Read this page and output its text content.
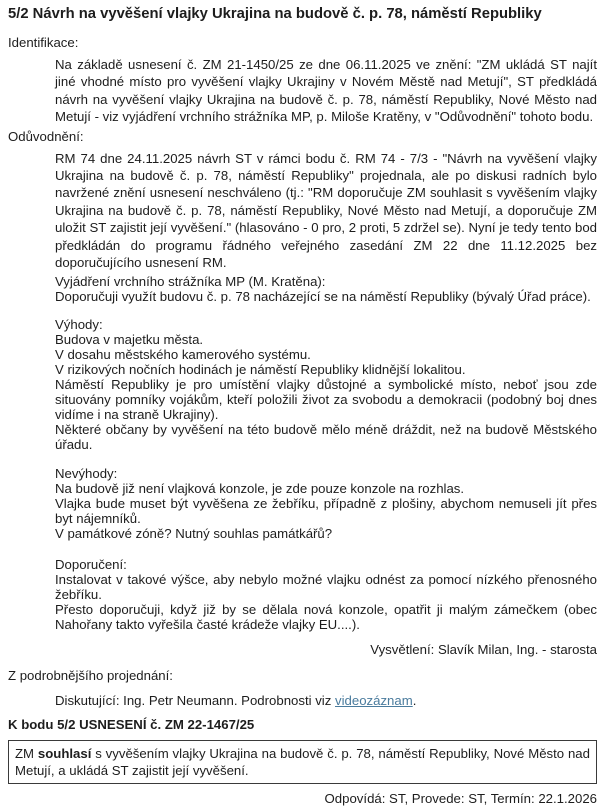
5/2 Návrh na vyvěšení vlajky Ukrajina na budově č. p. 78, náměstí Republiky
Identifikace:

Na základě usnesení č. ZM 21-1450/25 ze dne 06.11.2025 ve znění: "ZM ukládá ST najít jiné vhodné místo pro vyvěšení vlajky Ukrajiny v Novém Městě nad Metují", ST předkládá návrh na vyvěšení vlajky Ukrajina na budově č. p. 78, náměstí Republiky, Nové Město nad Metují - viz vyjádření vrchního strážníka MP, p. Miloše Kratěny, v "Odůvodnění" tohoto bodu.

Odůvodnění:

RM 74 dne 24.11.2025 návrh ST v rámci bodu č. RM 74 - 7/3 - "Návrh na vyvěšení vlajky Ukrajina na budově č. p. 78, náměstí Republiky" projednala, ale po diskusi radních bylo navržené znění usnesení neschváleno (tj.: "RM doporučuje ZM souhlasit s vyvěšením vlajky Ukrajina na budově č. p. 78, náměstí Republiky, Nové Město nad Metují, a doporučuje ZM uložit ST zajistit její vyvěšení." (hlasováno - 0 pro, 2 proti, 5 zdržel se). Nyní je tedy tento bod předkládán do programu řádného veřejného zasedání ZM 22 dne 11.12.2025 bez doporučujícího usnesení RM.

Vyjádření vrchního strážníka MP (M. Kratěna):

Doporučuji využít budovu č. p. 78 nacházející se na náměstí Republiky (bývalý Úřad práce).

Výhody:

Budova v majetku města.

V dosahu městského kamerového systému.

V rizikových nočních hodinách je náměstí Republiky klidnější lokalitou.

Náměstí Republiky je pro umístění vlajky důstojné a symbolické místo, neboť jsou zde situovány pomníky vojákům, kteří položili život za svobodu a demokracii (podobný boj dnes vidíme i na straně Ukrajiny).

Některé občany by vyvěšení na této budově mělo méně dráždit, než na budově Městského úřadu.

Nevýhody:

Na budově již není vlajková konzole, je zde pouze konzole na rozhlas.

Vlajka bude muset být vyvěšena ze žebříku, případně z plošiny, abychom nemuseli jít přes byt nájemníků.

V památkové zóně? Nutný souhlas památkářů?

Doporučení:

Instalovat v takové výšce, aby nebylo možné vlajku odnést za pomocí nízkého přenosného žebříku.

Přesto doporučuji, když již by se dělala nová konzole, opatřit ji malým zámečkem (obec Nahořany takto vyřešila časté krádeže vlajky EU....).

Vysvětlení: Slavík Milan, Ing. - starosta

Z podrobnějšího projednání:
Diskutující: Ing. Petr Neumann. Podrobnosti viz videozáznam.
K bodu 5/2 USNESENÍ č. ZM 22-1467/25
ZM souhlasí s vyvěšením vlajky Ukrajina na budově č. p. 78, náměstí Republiky, Nové Město nad Metují, a ukládá ST zajistit její vyvěšení.
Odpovídá: ST, Provede: ST, Termín: 22.1.2026
